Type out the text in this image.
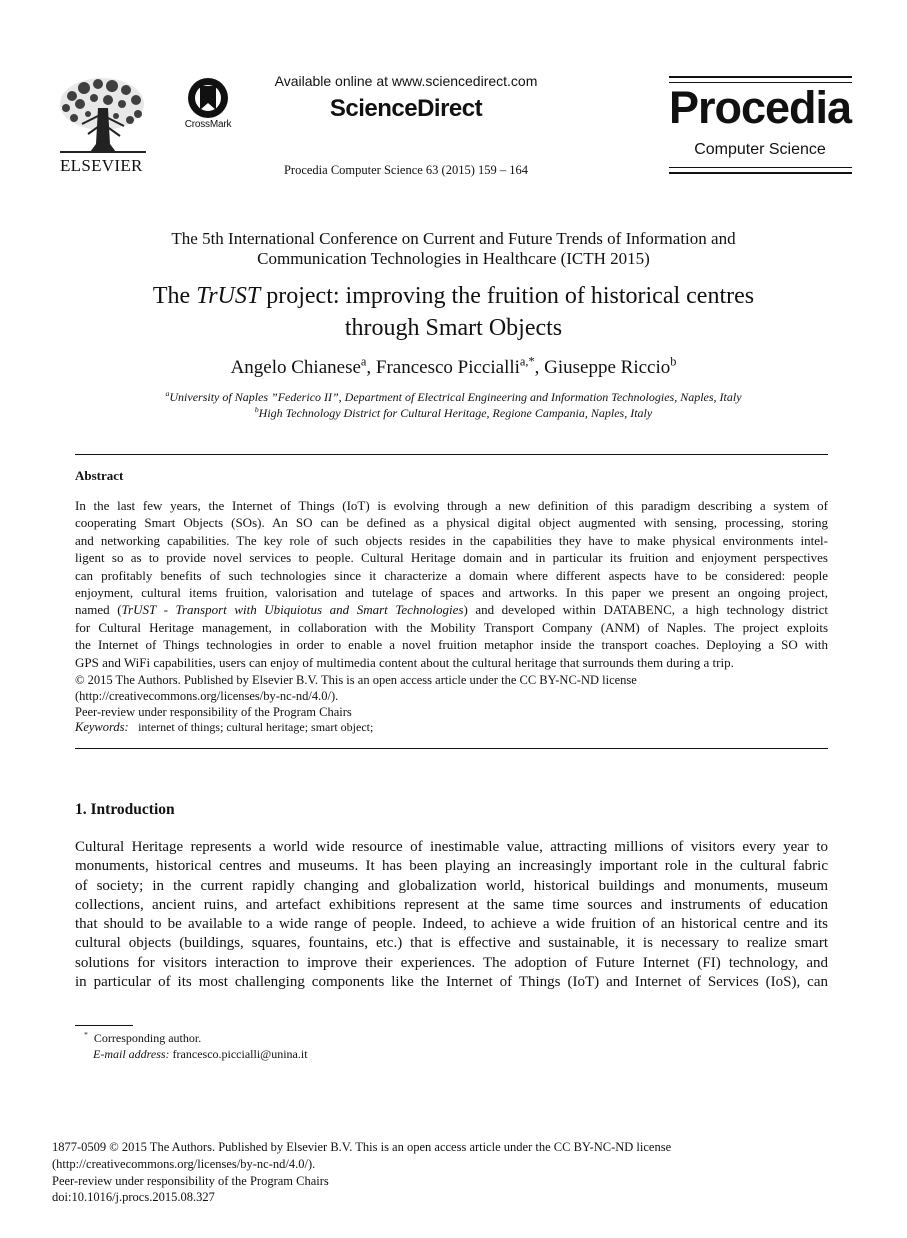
ELSEVIER
CrossMark
Available online at www.sciencedirect.com
ScienceDirect
Procedia Computer Science 63 (2015) 159 – 164
Procedia
Computer Science
The 5th International Conference on Current and Future Trends of Information and
Communication Technologies in Healthcare (ICTH 2015)
The TrUST project: improving the fruition of historical centres
through Smart Objects
Angelo Chianese$^a$, Francesco Piccialli$^{a,*}$, Giuseppe Riccio$^b$
$^a$University of Naples ”Federico II”, Department of Electrical Engineering and Information Technologies, Naples, Italy
$^b$High Technology District for Cultural Heritage, Regione Campania, Naples, Italy
Abstract
In the last few years, the Internet of Things (IoT) is evolving through a new definition of this paradigm describing a system of
cooperating Smart Objects (SOs). An SO can be defined as a physical digital object augmented with sensing, processing, storing
and networking capabilities. The key role of such objects resides in the capabilities they have to make physical environments intel-
ligent so as to provide novel services to people. Cultural Heritage domain and in particular its fruition and enjoyment perspectives
can profitably benefits of such technologies since it characterize a domain where different aspects have to be considered: people
enjoyment, cultural items fruition, valorisation and tutelage of spaces and artworks. In this paper we present an ongoing project,
named (TrUST - Transport with Ubiquiotus and Smart Technologies) and developed within DATABENC, a high technology district
for Cultural Heritage management, in collaboration with the Mobility Transport Company (ANM) of Naples. The project exploits
the Internet of Things technologies in order to enable a novel fruition metaphor inside the transport coaches. Deploying a SO with
GPS and WiFi capabilities, users can enjoy of multimedia content about the cultural heritage that surrounds them during a trip.
© 2015 The Authors. Published by Elsevier B.V. This is an open access article under the CC BY-NC-ND license
(http://creativecommons.org/licenses/by-nc-nd/4.0/).
Peer-review under responsibility of the Program Chairs
Keywords: internet of things; cultural heritage; smart object;
1. Introduction
Cultural Heritage represents a world wide resource of inestimable value, attracting millions of visitors every year to
monuments, historical centres and museums. It has been playing an increasingly important role in the cultural fabric
of society; in the current rapidly changing and globalization world, historical buildings and monuments, museum
collections, ancient ruins, and artefact exhibitions represent at the same time sources and instruments of education
that should to be available to a wide range of people. Indeed, to achieve a wide fruition of an historical centre and its
cultural objects (buildings, squares, fountains, etc.) that is effective and sustainable, it is necessary to realize smart
solutions for visitors interaction to improve their experiences. The adoption of Future Internet (FI) technology, and
in particular of its most challenging components like the Internet of Things (IoT) and Internet of Services (IoS), can
* Corresponding author.
E-mail address: francesco.piccialli@unina.it
1877-0509 © 2015 The Authors. Published by Elsevier B.V. This is an open access article under the CC BY-NC-ND license
(http://creativecommons.org/licenses/by-nc-nd/4.0/).
Peer-review under responsibility of the Program Chairs
doi:10.1016/j.procs.2015.08.327
